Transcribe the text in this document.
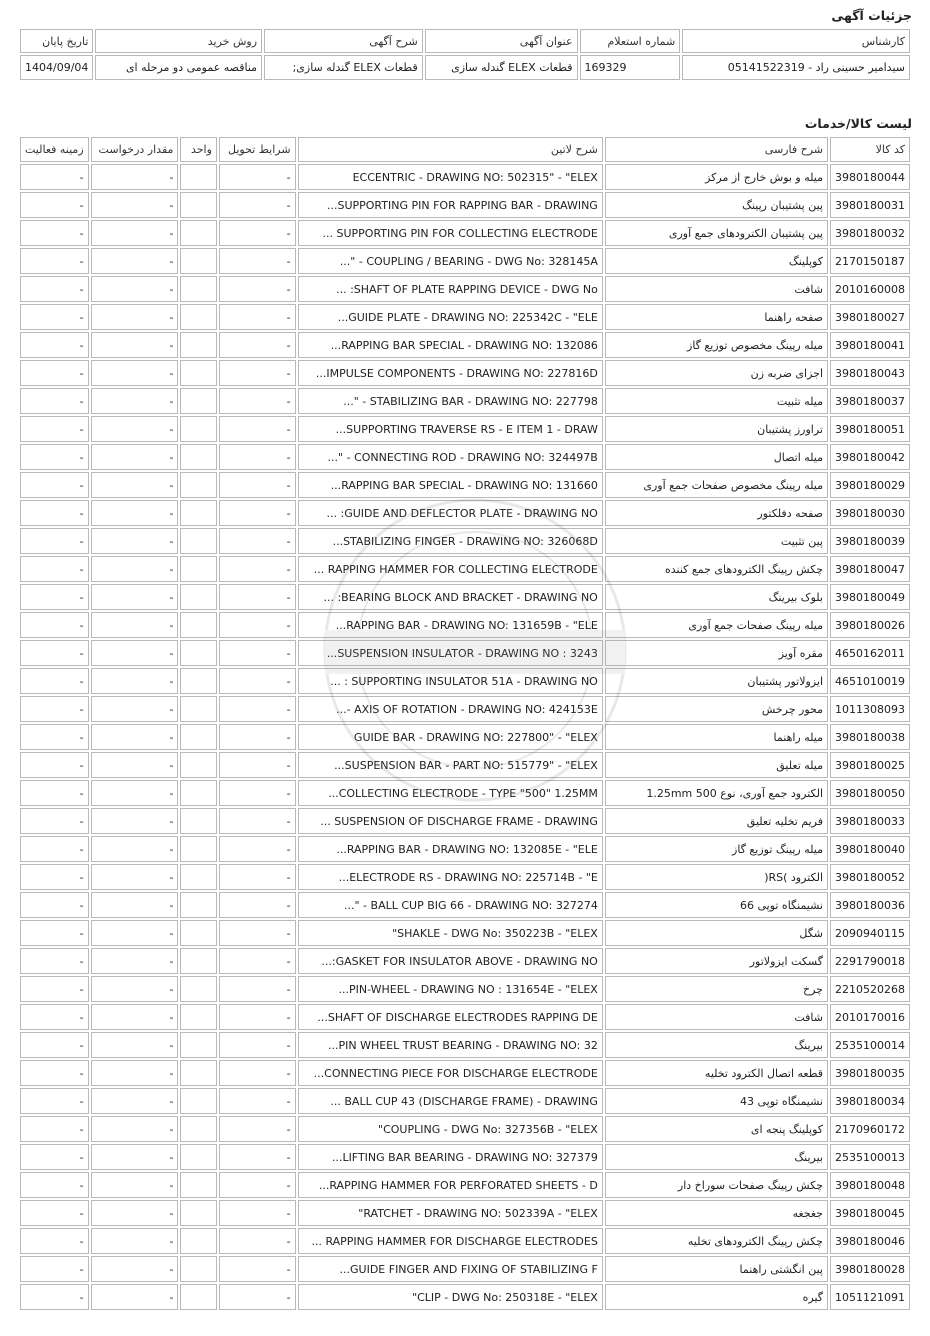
جزئیات آگهی
کارشناس	شماره استعلام	عنوان آگهی	شرح آگهی	روش خرید	تاریخ پایان
سیدامیر حسینی راد - 05141522319	169329	قطعات ELEX گندله سازی	قطعات ELEX گندله سازی;	مناقصه عمومی دو مرحله ای	1404/09/04
لیست کالا/خدمات
کد کالا	شرح فارسی	شرح لاتین	شرایط تحویل	واحد	مقدار درخواست	زمینه فعالیت
3980180044	میله و بوش خارج از مرکز	ECCENTRIC - DRAWING NO: 502315" - "ELEX	-		-	-
3980180031	پین پشتیبان رپینگ	SUPPORTING PIN FOR RAPPING BAR - DRAWING...	-		-	-
3980180032	پین پشتیبان الکترودهای جمع آوری	SUPPORTING PIN FOR COLLECTING ELECTRODE ...	-		-	-
2170150187	کوپلینگ	COUPLING / BEARING - DWG No: 328145A - "...	-		-	-
2010160008	شافت	SHAFT OF PLATE RAPPING DEVICE - DWG No: ...	-		-	-
3980180027	صفحه راهنما	GUIDE PLATE - DRAWING NO: 225342C - "ELE...	-		-	-
3980180041	میله رپینگ مخصوص توزیع گاز	RAPPING BAR SPECIAL - DRAWING NO: 132086...	-		-	-
3980180043	اجزای ضربه زن	IMPULSE COMPONENTS - DRAWING NO: 227816D...	-		-	-
3980180037	میله تثبیت	STABILIZING BAR - DRAWING NO: 227798 - "...	-		-	-
3980180051	تراورز پشتیبان	SUPPORTING TRAVERSE RS - E ITEM 1 - DRAW...	-		-	-
3980180042	میله اتصال	CONNECTING ROD - DRAWING NO: 324497B - "...	-		-	-
3980180029	میله رپینگ مخصوص صفحات جمع آوری	RAPPING BAR SPECIAL - DRAWING NO: 131660...	-		-	-
3980180030	صفحه دفلکتور	GUIDE AND DEFLECTOR PLATE - DRAWING NO: ...	-		-	-
3980180039	پین تثبیت	STABILIZING FINGER - DRAWING NO: 326068D...	-		-	-
3980180047	چکش رپینگ الکترودهای جمع کننده	RAPPING HAMMER FOR COLLECTING ELECTRODE ...	-		-	-
3980180049	بلوک بیرینگ	BEARING BLOCK AND BRACKET - DRAWING NO: ...	-		-	-
3980180026	میله رپینگ صفحات جمع آوری	RAPPING BAR - DRAWING NO: 131659B - "ELE...	-		-	-
4650162011	مقره آویز	SUSPENSION INSULATOR - DRAWING NO : 3243...	-		-	-
4651010019	ایزولاتور پشتیبان	SUPPORTING INSULATOR 51A - DRAWING NO : ...	-		-	-
1011308093	محور چرخش	AXIS OF ROTATION - DRAWING NO: 424153E -...	-		-	-
3980180038	میله راهنما	GUIDE BAR - DRAWING NO: 227800" - "ELEX	-		-	-
3980180025	میله تعلیق	SUSPENSION BAR - PART NO: 515779" - "ELEX...	-		-	-
3980180050	الکترود جمع آوری، نوع 500 1.25mm	COLLECTING ELECTRODE - TYPE "500" 1.25MM...	-		-	-
3980180033	فریم تخلیه تعلیق	SUSPENSION OF DISCHARGE FRAME - DRAWING ...	-		-	-
3980180040	میله رپینگ توزیع گاز	RAPPING BAR - DRAWING NO: 132085E - "ELE...	-		-	-
3980180052	الکترود )RS(	ELECTRODE RS - DRAWING NO: 225714B - "E...	-		-	-
3980180036	نشیمنگاه توپی 66	BALL CUP BIG 66 - DRAWING NO: 327274 - "...	-		-	-
2090940115	شگل	SHAKLE - DWG No: 350223B - "ELEX"	-		-	-
2291790018	گسکت ایزولاتور	GASKET FOR INSULATOR ABOVE - DRAWING NO:...	-		-	-
2210520268	چرخ	PIN-WHEEL - DRAWING NO : 131654E - "ELEX...	-		-	-
2010170016	شافت	SHAFT OF DISCHARGE ELECTRODES RAPPING DE...	-		-	-
2535100014	بیرینگ	PIN WHEEL TRUST BEARING - DRAWING NO: 32...	-		-	-
3980180035	قطعه اتصال الکترود تخلیه	CONNECTING PIECE FOR DISCHARGE ELECTRODE...	-		-	-
3980180034	نشیمنگاه توپی 43	BALL CUP 43 (DISCHARGE FRAME) - DRAWING ...	-		-	-
2170960172	کوپلینگ پنجه ای	COUPLING - DWG No: 327356B - "ELEX"	-		-	-
2535100013	بیرینگ	LIFTING BAR BEARING - DRAWING NO: 327379...	-		-	-
3980180048	چکش رپینگ صفحات سوراخ دار	RAPPING HAMMER FOR PERFORATED SHEETS - D...	-		-	-
3980180045	جغجغه	RATCHET - DRAWING NO: 502339A - "ELEX"	-		-	-
3980180046	چکش رپینگ الکترودهای تخلیه	RAPPING HAMMER FOR DISCHARGE ELECTRODES ...	-		-	-
3980180028	پین انگشتی راهنما	GUIDE FINGER AND FIXING OF STABILIZING F...	-		-	-
1051121091	گیره	CLIP - DWG No: 250318E - "ELEX"	-		-	-
